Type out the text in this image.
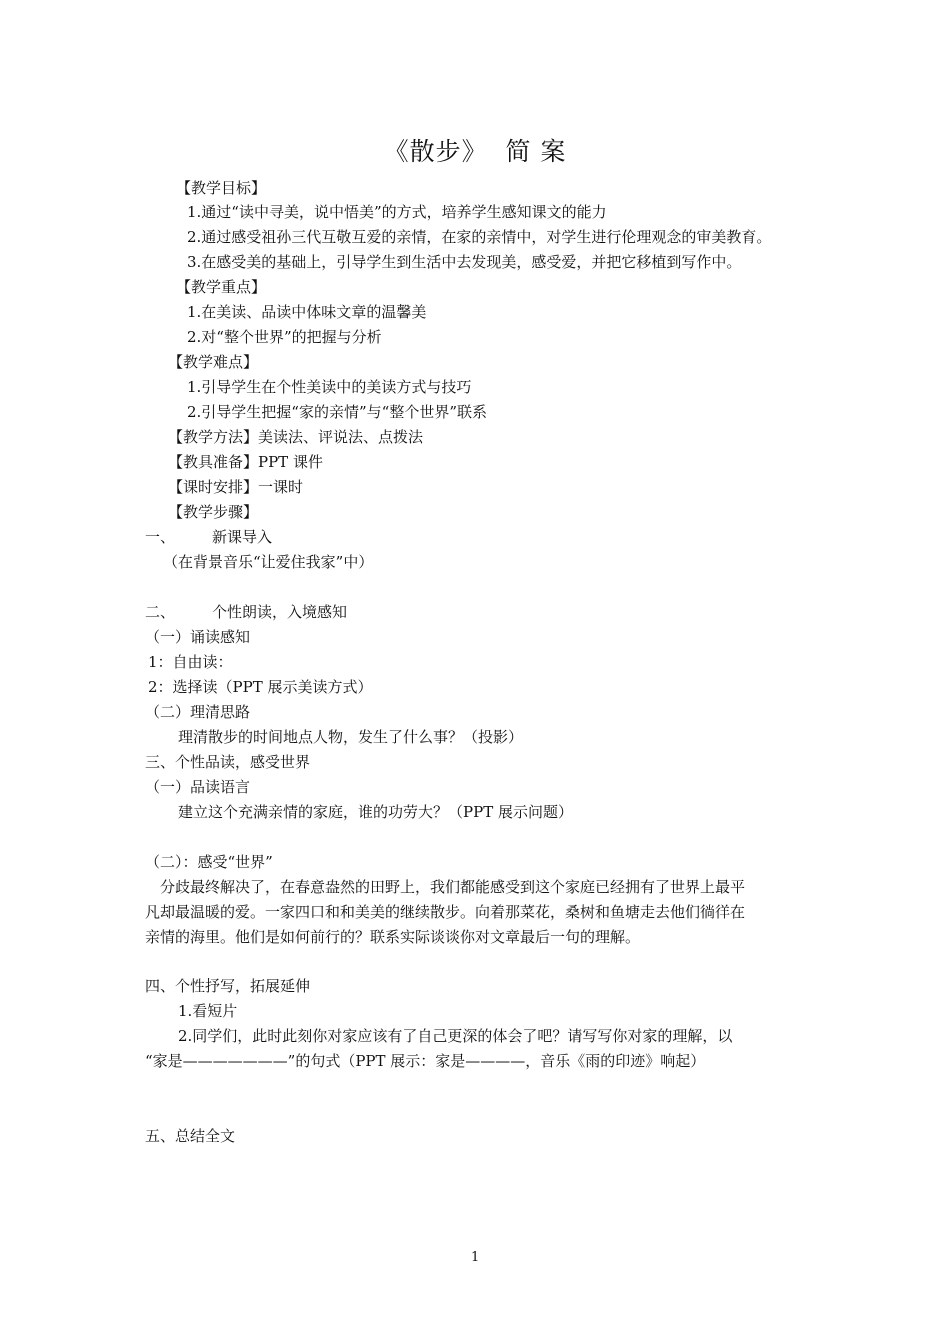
《散步》  简 案
【教学目标】
1.通过“读中寻美，说中悟美”的方式，培养学生感知课文的能力
2.通过感受祖孙三代互敬互爱的亲情，在家的亲情中，对学生进行伦理观念的审美教育。
3.在感受美的基础上，引导学生到生活中去发现美，感受爱，并把它移植到写作中。
【教学重点】
1.在美读、品读中体味文章的温馨美
2.对“整个世界”的把握与分析
【教学难点】
1.引导学生在个性美读中的美读方式与技巧
2.引导学生把握“家的亲情”与“整个世界”联系
【教学方法】美读法、评说法、点拨法
【教具准备】PPT 课件
【课时安排】一课时
【教学步骤】
一、 新课导入
（在背景音乐“让爱住我家”中）
二、 个性朗读，入境感知
（一）诵读感知
1：自由读：
2：选择读（PPT 展示美读方式）
（二）理清思路
理清散步的时间地点人物，发生了什么事？（投影）
三、个性品读，感受世界
（一）品读语言
建立这个充满亲情的家庭，谁的功劳大？（PPT 展示问题）
（二）：感受“世界”
分歧最终解决了，在春意盎然的田野上，我们都能感受到这个家庭已经拥有了世界上最平
凡却最温暖的爱。一家四口和和美美的继续散步。向着那菜花，桑树和鱼塘走去他们徜徉在
亲情的海里。他们是如何前行的？联系实际谈谈你对文章最后一句的理解。
四、个性抒写，拓展延伸
1.看短片
2.同学们，此时此刻你对家应该有了自己更深的体会了吧？请写写你对家的理解，以
“家是———————”的句式（PPT 展示：家是————，音乐《雨的印迹》响起）
五、总结全文
1
